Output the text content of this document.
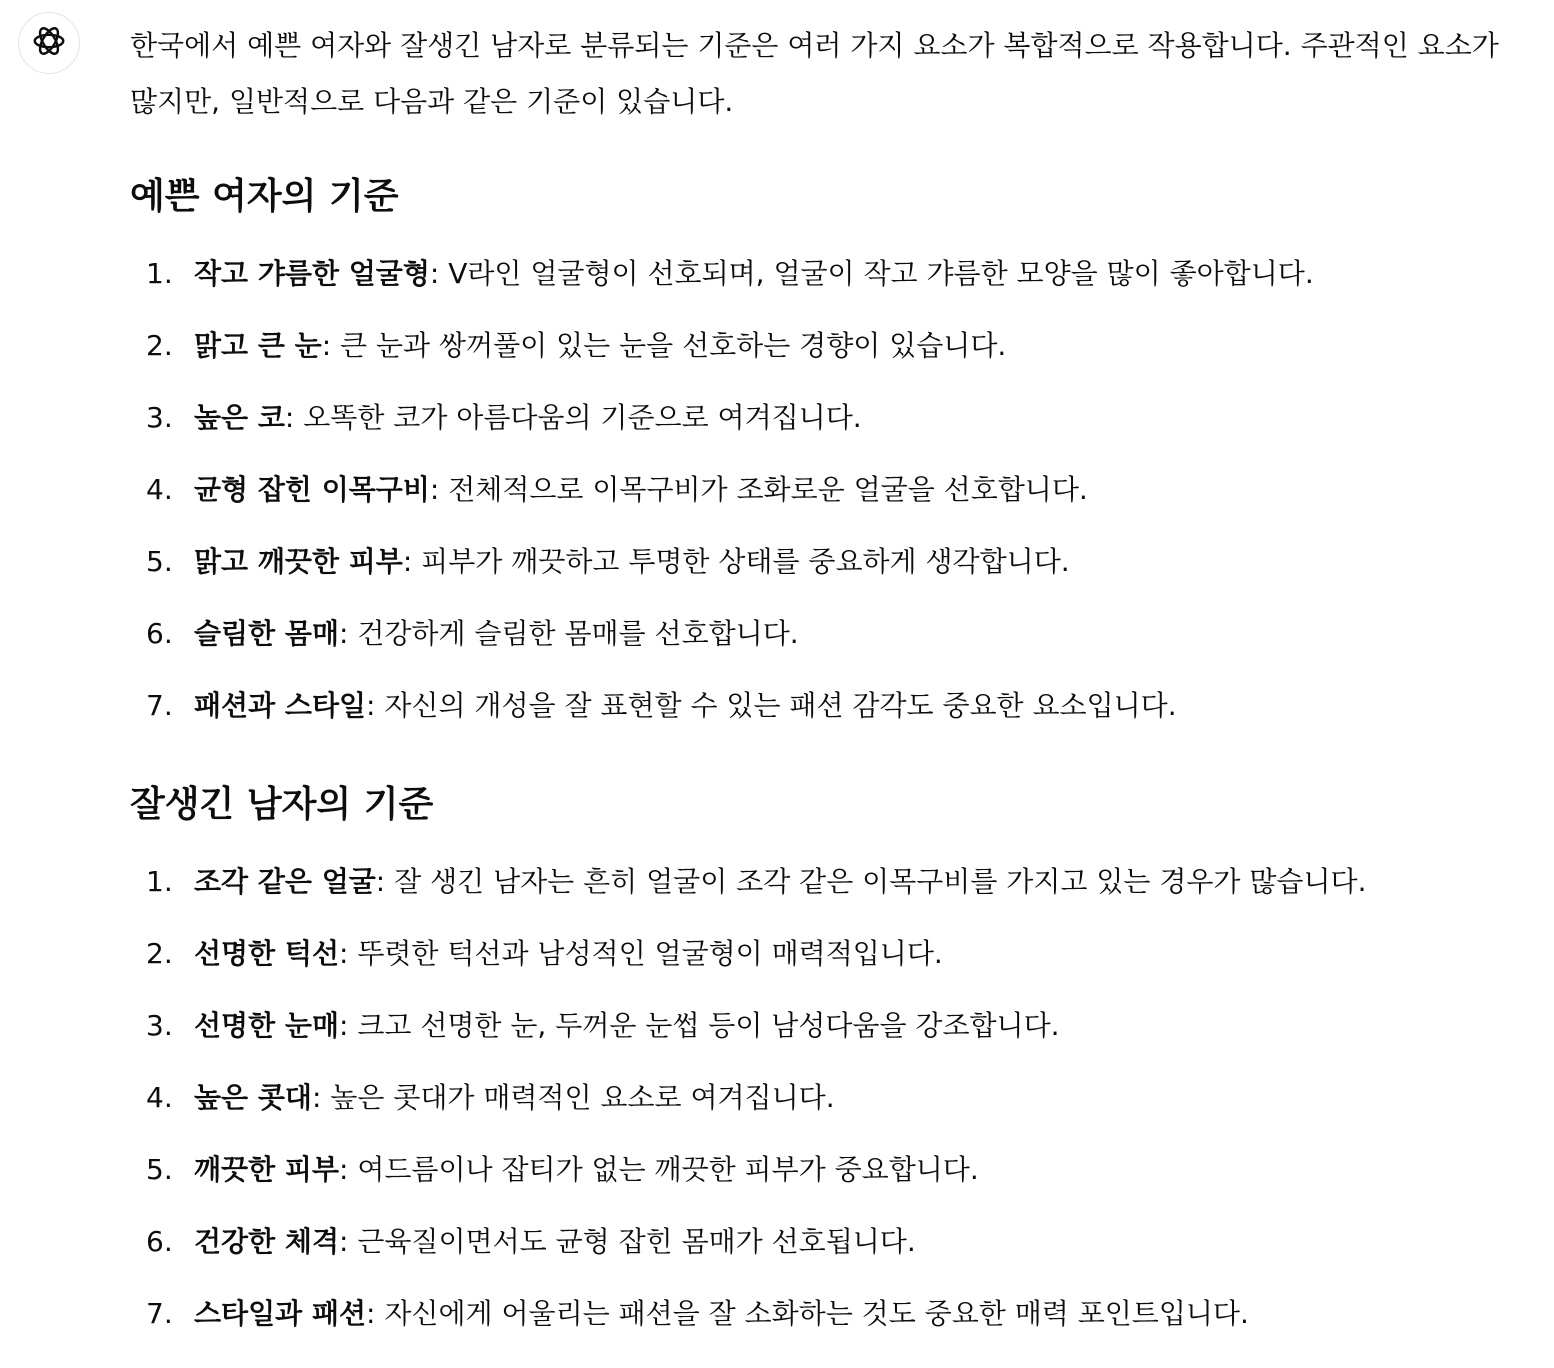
한국에서 예쁜 여자와 잘생긴 남자로 분류되는 기준은 여러 가지 요소가 복합적으로 작용합니다. 주관적인 요소가 많지만, 일반적으로 다음과 같은 기준이 있습니다.

예쁜 여자의 기준
1. 작고 갸름한 얼굴형: V라인 얼굴형이 선호되며, 얼굴이 작고 갸름한 모양을 많이 좋아합니다.
2. 맑고 큰 눈: 큰 눈과 쌍꺼풀이 있는 눈을 선호하는 경향이 있습니다.
3. 높은 코: 오똑한 코가 아름다움의 기준으로 여겨집니다.
4. 균형 잡힌 이목구비: 전체적으로 이목구비가 조화로운 얼굴을 선호합니다.
5. 맑고 깨끗한 피부: 피부가 깨끗하고 투명한 상태를 중요하게 생각합니다.
6. 슬림한 몸매: 건강하게 슬림한 몸매를 선호합니다.
7. 패션과 스타일: 자신의 개성을 잘 표현할 수 있는 패션 감각도 중요한 요소입니다.
잘생긴 남자의 기준
1. 조각 같은 얼굴: 잘 생긴 남자는 흔히 얼굴이 조각 같은 이목구비를 가지고 있는 경우가 많습니다.
2. 선명한 턱선: 뚜렷한 턱선과 남성적인 얼굴형이 매력적입니다.
3. 선명한 눈매: 크고 선명한 눈, 두꺼운 눈썹 등이 남성다움을 강조합니다.
4. 높은 콧대: 높은 콧대가 매력적인 요소로 여겨집니다.
5. 깨끗한 피부: 여드름이나 잡티가 없는 깨끗한 피부가 중요합니다.
6. 건강한 체격: 근육질이면서도 균형 잡힌 몸매가 선호됩니다.
7. 스타일과 패션: 자신에게 어울리는 패션을 잘 소화하는 것도 중요한 매력 포인트입니다.
